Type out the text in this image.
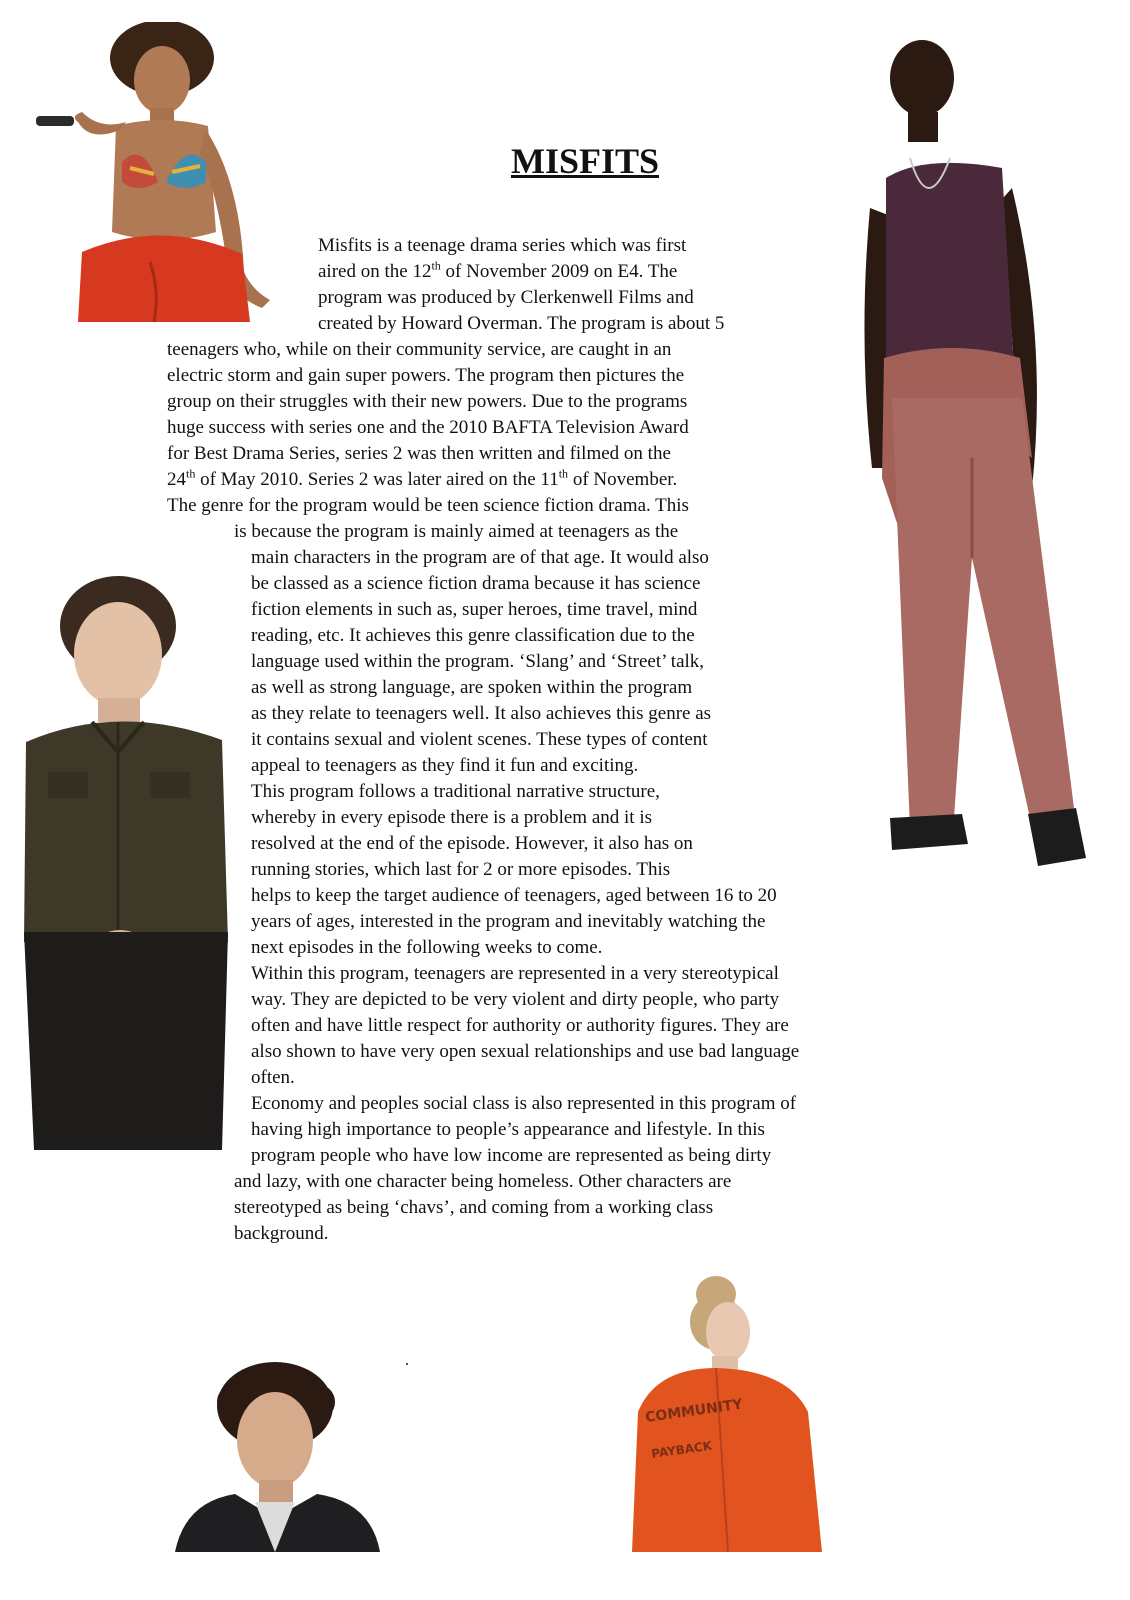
MISFITS
Misfits is a teenage drama series which was first
aired on the 12th of November 2009 on E4. The
program was produced by Clerkenwell Films and
created by Howard Overman. The program is about 5
teenagers who, while on their community service, are caught in an
electric storm and gain super powers. The program then pictures the
group on their struggles with their new powers. Due to the programs
huge success with series one and the 2010 BAFTA Television Award
for Best Drama Series, series 2 was then written and filmed on the
24th of May 2010. Series 2 was later aired on the 11th of November.
The genre for the program would be teen science fiction drama. This
is because the program is mainly aimed at teenagers as the
main characters in the program are of that age. It would also
be classed as a science fiction drama because it has science
fiction elements in such as, super heroes, time travel, mind
reading, etc. It achieves this genre classification due to the
language used within the program. ‘Slang’ and ‘Street’ talk,
as well as strong language, are spoken within the program
as they relate to teenagers well. It also achieves this genre as
it contains sexual and violent scenes. These types of content
appeal to teenagers as they find it fun and exciting.
This program follows a traditional narrative structure,
whereby in every episode there is a problem and it is
resolved at the end of the episode. However, it also has on
running stories, which last for 2 or more episodes. This
helps to keep the target audience of teenagers, aged between 16 to 20
years of ages, interested in the program and inevitably watching the
next episodes in the following weeks to come.
Within this program, teenagers are represented in a very stereotypical
way. They are depicted to be very violent and dirty people, who party
often and have little respect for authority or authority figures. They are
also shown to have very open sexual relationships and use bad language
often.
Economy and peoples social class is also represented in this program of
having high importance to people’s appearance and lifestyle. In this
program people who have low income are represented as being dirty
and lazy, with one character being homeless. Other characters are
stereotyped as being ‘chavs’, and coming from a working class
background.
COMMUNITY
PAYBACK
